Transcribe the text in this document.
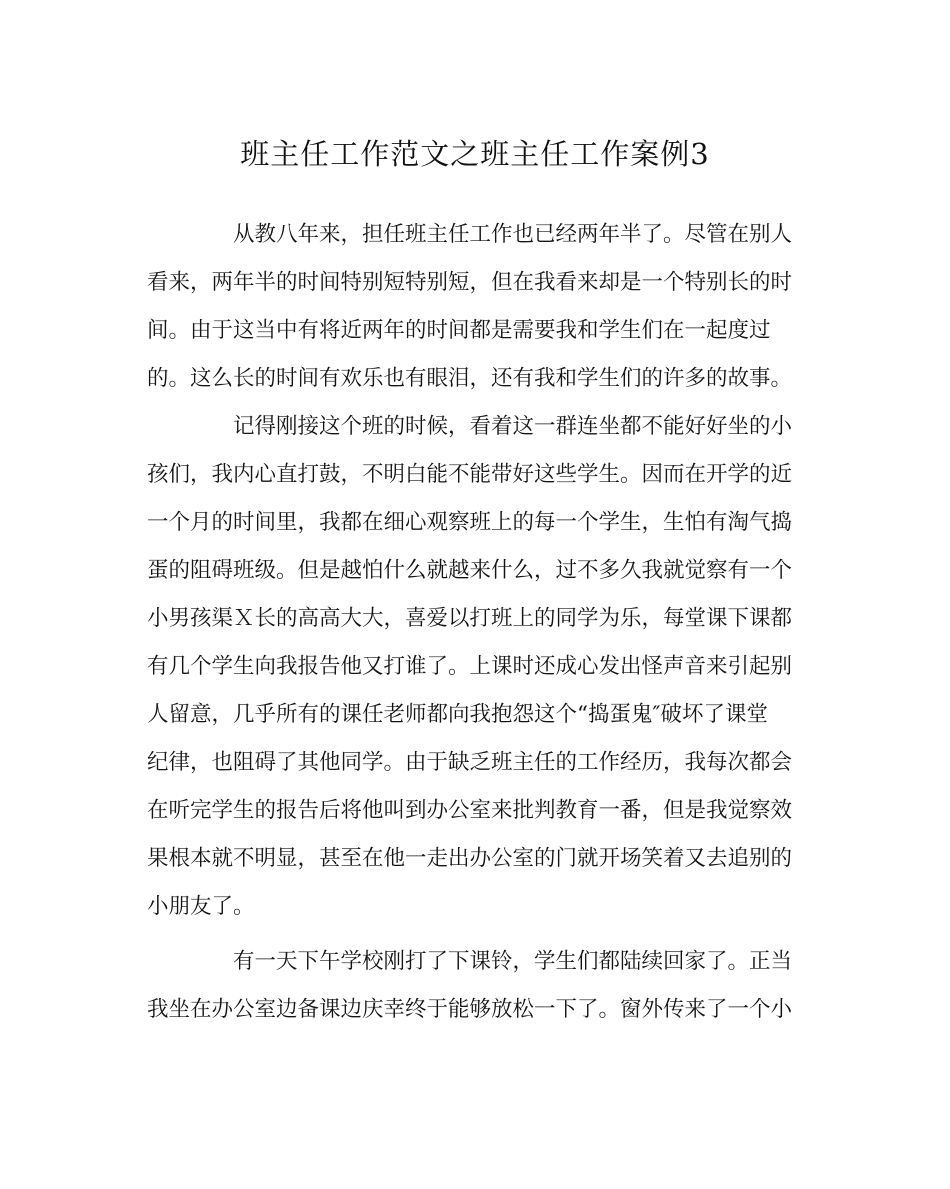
班主任工作范文之班主任工作案例3
从教八年来，担任班主任工作也已经两年半了。尽管在别人
看来，两年半的时间特别短特别短，但在我看来却是一个特别长的时
间。由于这当中有将近两年的时间都是需要我和学生们在一起度过
的。这么长的时间有欢乐也有眼泪，还有我和学生们的许多的故事。
记得刚接这个班的时候，看着这一群连坐都不能好好坐的小
孩们，我内心直打鼓，不明白能不能带好这些学生。因而在开学的近
一个月的时间里，我都在细心观察班上的每一个学生，生怕有淘气捣
蛋的阻碍班级。但是越怕什么就越来什么，过不多久我就觉察有一个
小男孩渠Ｘ长的高高大大，喜爱以打班上的同学为乐，每堂课下课都
有几个学生向我报告他又打谁了。上课时还成心发出怪声音来引起别
人留意，几乎所有的课任老师都向我抱怨这个“捣蛋鬼″破坏了课堂
纪律，也阻碍了其他同学。由于缺乏班主任的工作经历，我每次都会
在听完学生的报告后将他叫到办公室来批判教育一番，但是我觉察效
果根本就不明显，甚至在他一走出办公室的门就开场笑着又去追别的
小朋友了。
有一天下午学校刚打了下课铃，学生们都陆续回家了。正当
我坐在办公室边备课边庆幸终于能够放松一下了。窗外传来了一个小
